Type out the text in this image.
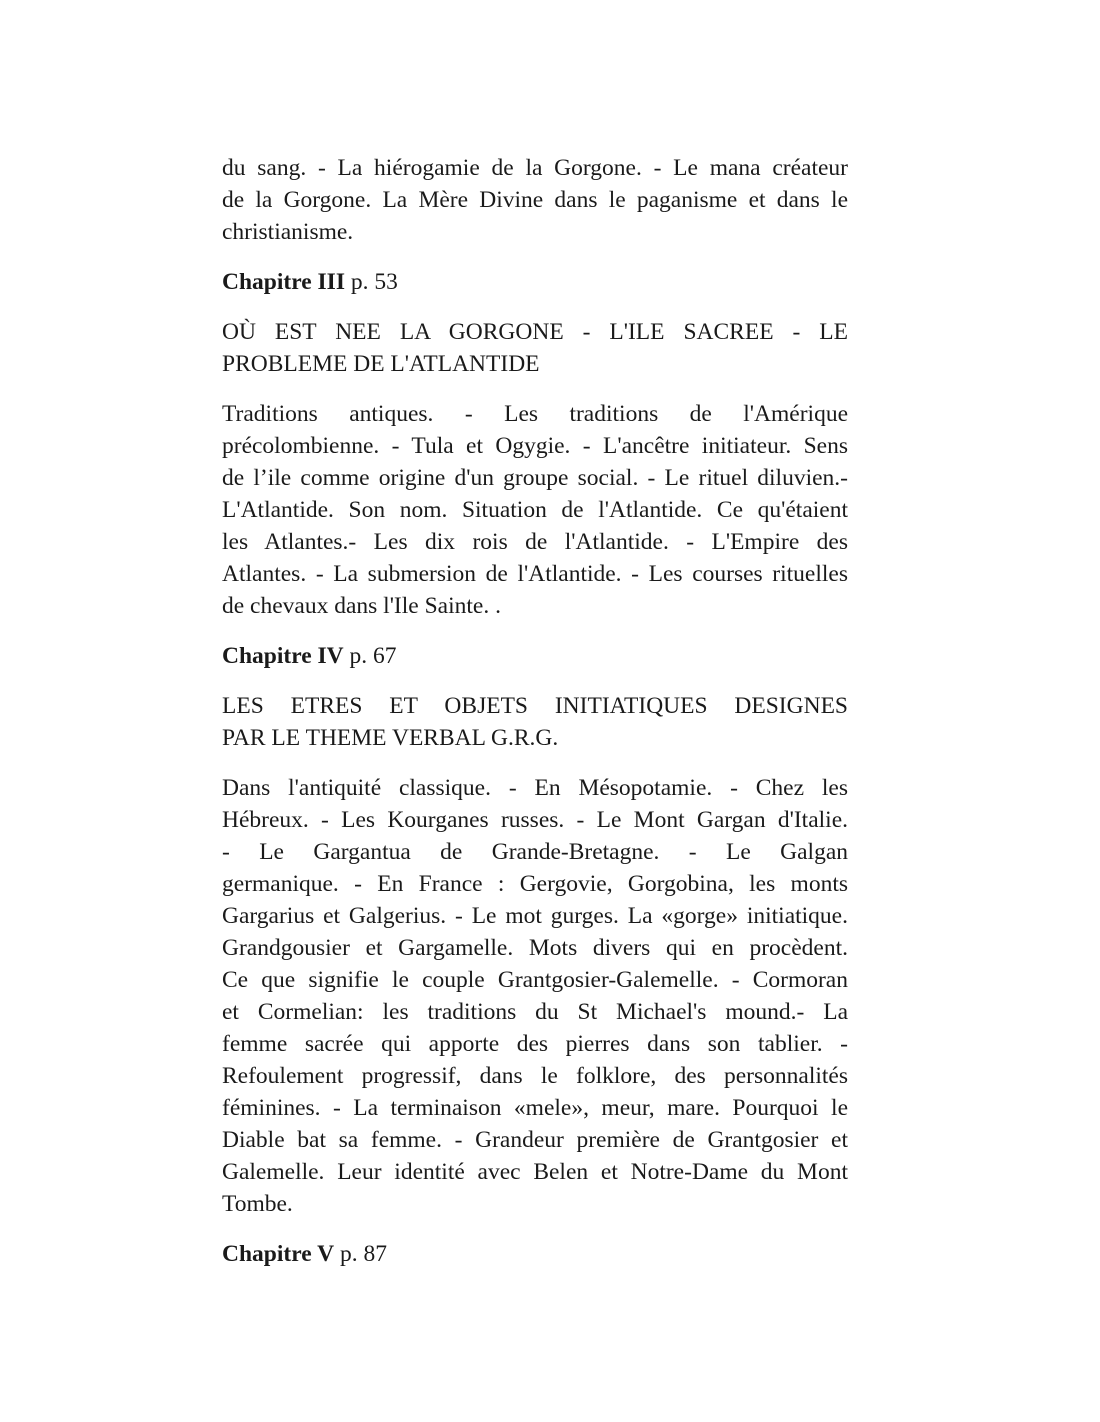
du sang. - La hiérogamie de la Gorgone. - Le mana créateur
de la Gorgone. La Mère Divine dans le paganisme et dans le
christianisme.
Chapitre III p. 53
OÙ EST NEE LA GORGONE - L'ILE SACREE - LE
PROBLEME DE L'ATLANTIDE
Traditions antiques. - Les traditions de l'Amérique
précolombienne. - Tula et Ogygie. - L'ancêtre initiateur. Sens
de l’ile comme origine d'un groupe social. - Le rituel diluvien.-
L'Atlantide. Son nom. Situation de l'Atlantide. Ce qu'étaient
les Atlantes.- Les dix rois de l'Atlantide. - L'Empire des
Atlantes. - La submersion de l'Atlantide. - Les courses rituelles
de chevaux dans l'Ile Sainte. .
Chapitre IV p. 67
LES ETRES ET OBJETS INITIATIQUES DESIGNES
PAR LE THEME VERBAL G.R.G.
Dans l'antiquité classique. - En Mésopotamie. - Chez les
Hébreux. - Les Kourganes russes. - Le Mont Gargan d'Italie.
- Le Gargantua de Grande-Bretagne. - Le Galgan
germanique. - En France : Gergovie, Gorgobina, les monts
Gargarius et Galgerius. - Le mot gurges. La «gorge» initiatique.
Grandgousier et Gargamelle. Mots divers qui en procèdent.
Ce que signifie le couple Grantgosier-Galemelle. - Cormoran
et Cormelian: les traditions du St Michael's mound.- La
femme sacrée qui apporte des pierres dans son tablier. -
Refoulement progressif, dans le folklore, des personnalités
féminines. - La terminaison «mele», meur, mare. Pourquoi le
Diable bat sa femme. - Grandeur première de Grantgosier et
Galemelle. Leur identité avec Belen et Notre-Dame du Mont
Tombe.
Chapitre V p. 87
